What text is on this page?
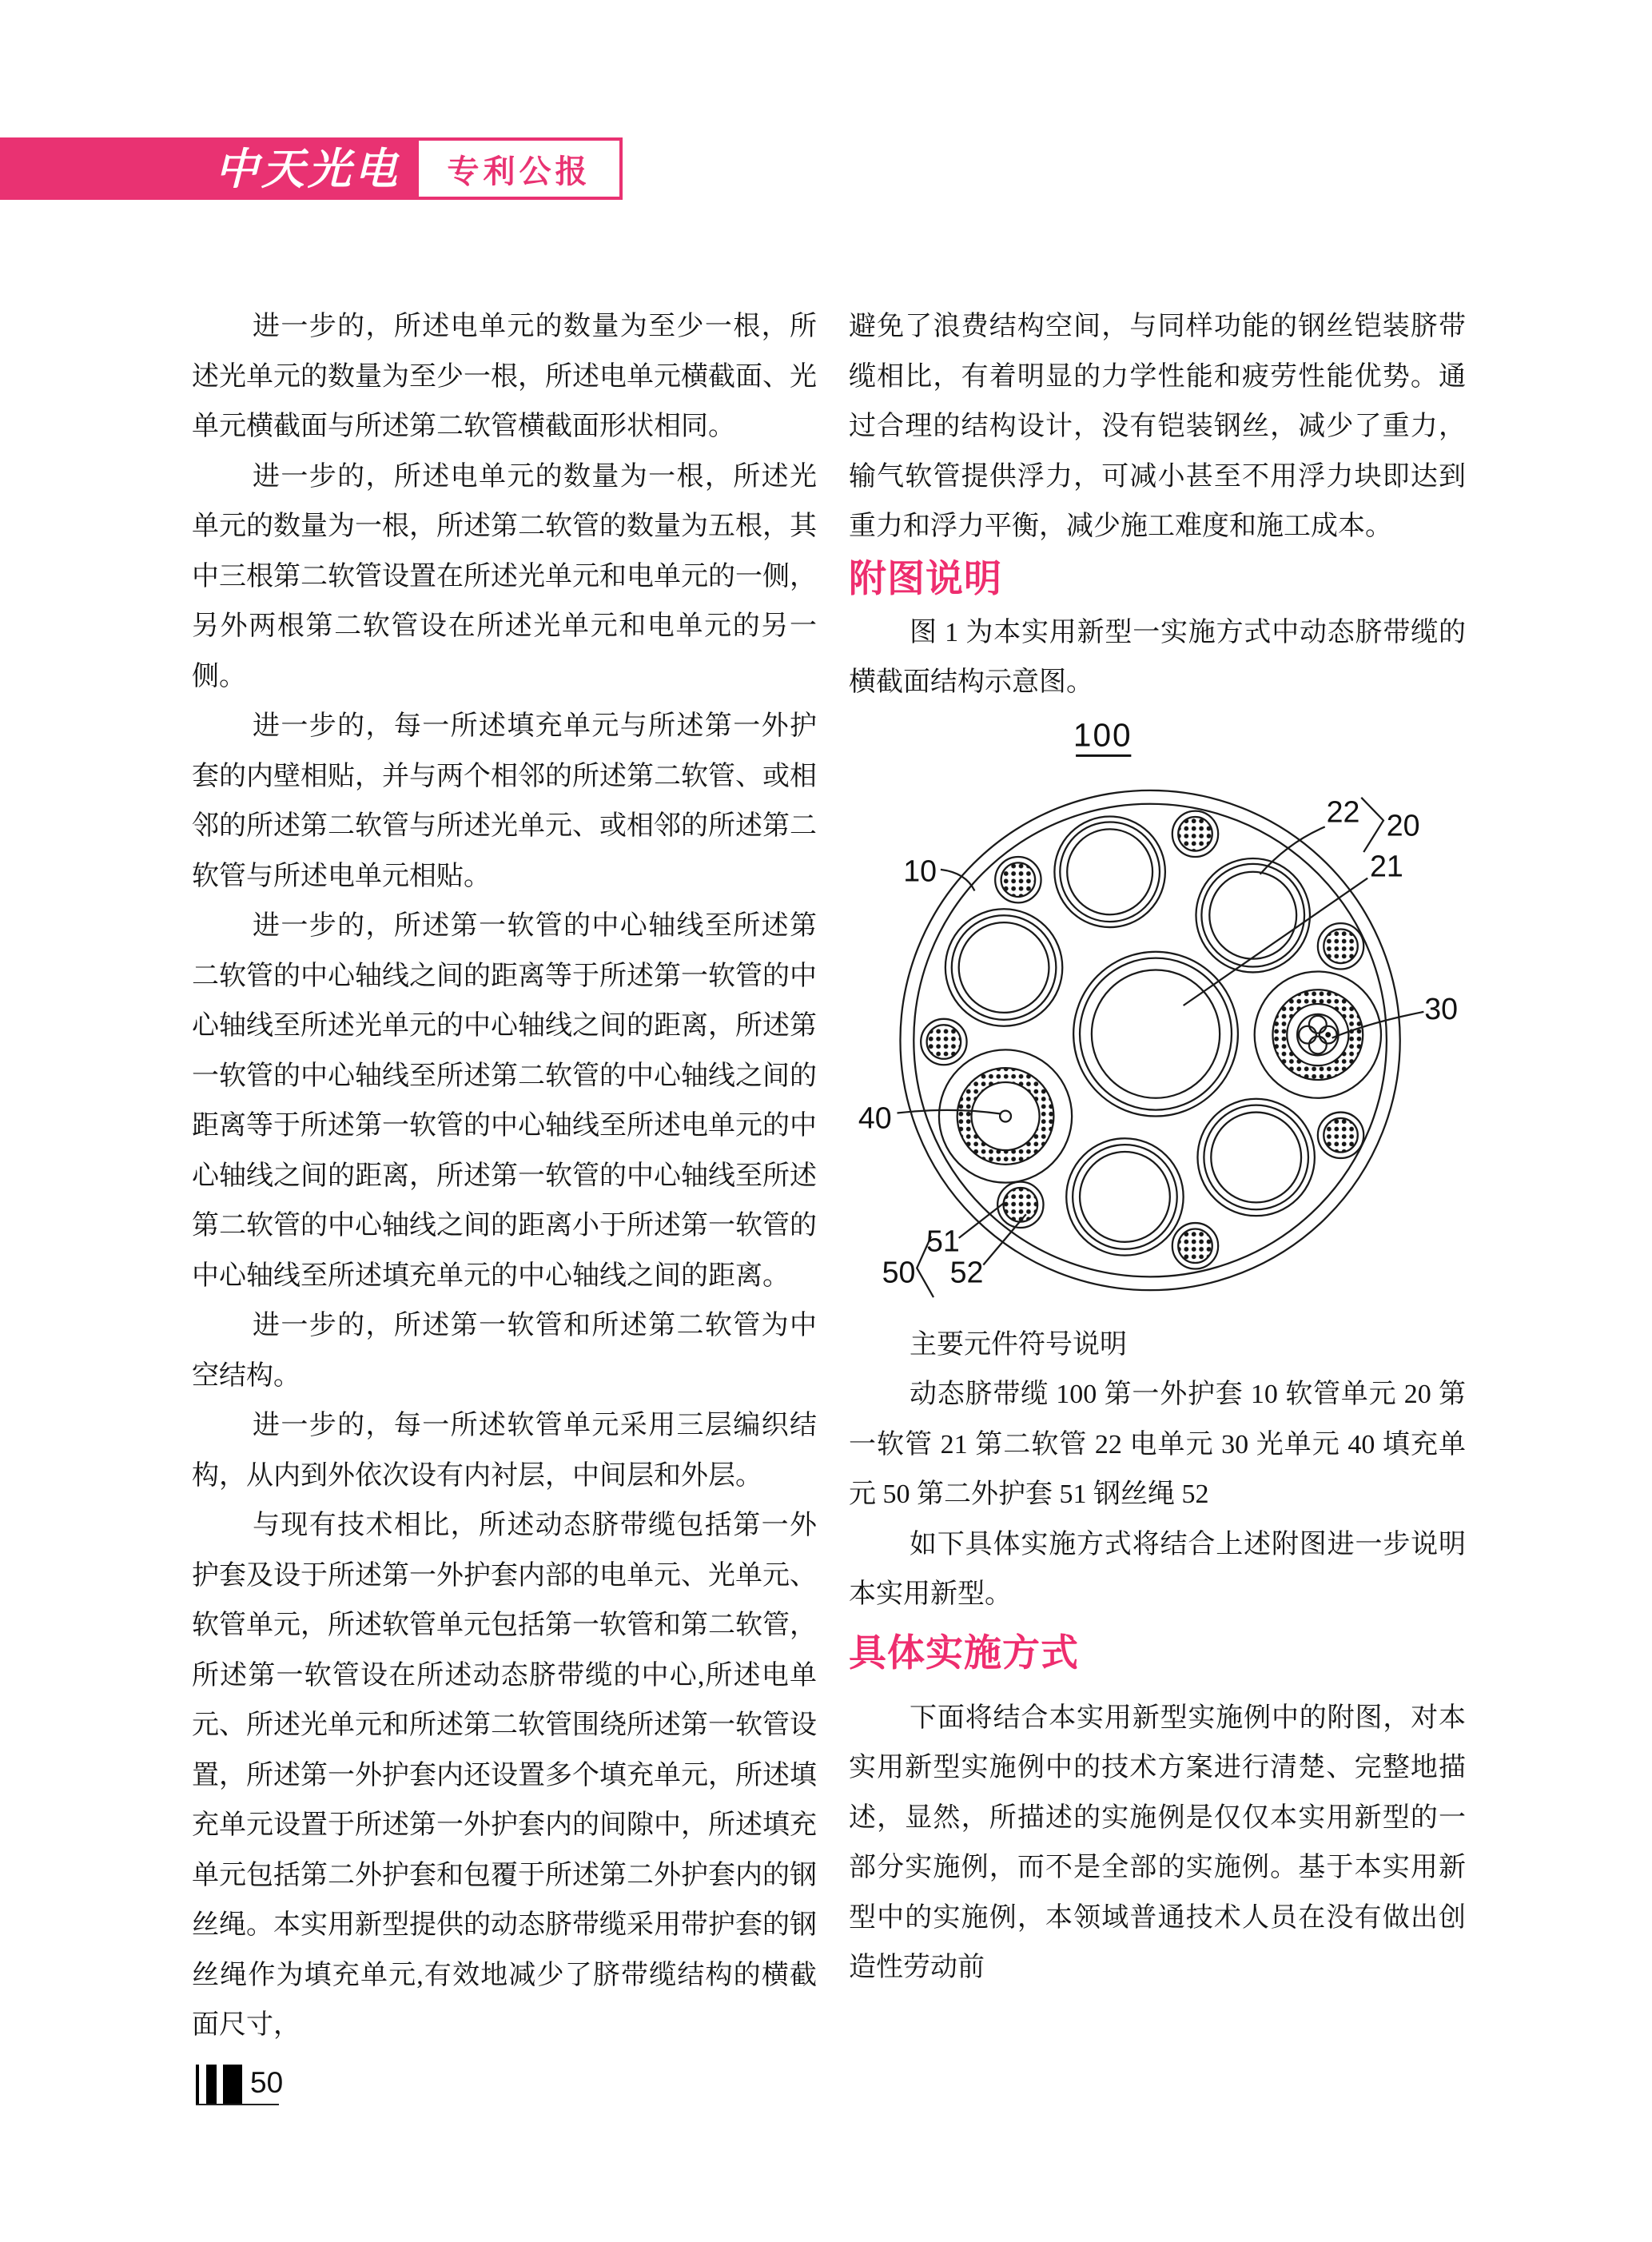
中天光电	专利公报

进一步的，所述电单元的数量为至少一根，所述光单元的数量为至少一根，所述电单元横截面、光单元横截面与所述第二软管横截面形状相同。

进一步的，所述电单元的数量为一根，所述光单元的数量为一根，所述第二软管的数量为五根，其中三根第二软管设置在所述光单元和电单元的一侧，另外两根第二软管设在所述光单元和电单元的另一侧。

进一步的，每一所述填充单元与所述第一外护套的内壁相贴，并与两个相邻的所述第二软管、或相邻的所述第二软管与所述光单元、或相邻的所述第二软管与所述电单元相贴。

进一步的，所述第一软管的中心轴线至所述第二软管的中心轴线之间的距离等于所述第一软管的中心轴线至所述光单元的中心轴线之间的距离，所述第一软管的中心轴线至所述第二软管的中心轴线之间的距离等于所述第一软管的中心轴线至所述电单元的中心轴线之间的距离，所述第一软管的中心轴线至所述第二软管的中心轴线之间的距离小于所述第一软管的中心轴线至所述填充单元的中心轴线之间的距离。

进一步的，所述第一软管和所述第二软管为中空结构。

进一步的，每一所述软管单元采用三层编织结构，从内到外依次设有内衬层，中间层和外层。

与现有技术相比，所述动态脐带缆包括第一外护套及设于所述第一外护套内部的电单元、光单元、软管单元，所述软管单元包括第一软管和第二软管，所述第一软管设在所述动态脐带缆的中心,所述电单元、所述光单元和所述第二软管围绕所述第一软管设置，所述第一外护套内还设置多个填充单元，所述填充单元设置于所述第一外护套内的间隙中，所述填充单元包括第二外护套和包覆于所述第二外护套内的钢丝绳。本实用新型提供的动态脐带缆采用带护套的钢丝绳作为填充单元,有效地减少了脐带缆结构的横截面尺寸，

避免了浪费结构空间，与同样功能的钢丝铠装脐带缆相比，有着明显的力学性能和疲劳性能优势。通过合理的结构设计，没有铠装钢丝，减少了重力，输气软管提供浮力，可减小甚至不用浮力块即达到重力和浮力平衡，减少施工难度和施工成本。

附图说明

图 1 为本实用新型一实施方式中动态脐带缆的横截面结构示意图。

100
10
22 20
21
30
40
51
50 52

主要元件符号说明

动态脐带缆 100 第一外护套 10 软管单元 20 第一软管 21 第二软管 22 电单元 30 光单元 40 填充单元 50 第二外护套 51 钢丝绳 52

如下具体实施方式将结合上述附图进一步说明本实用新型。

具体实施方式

下面将结合本实用新型实施例中的附图，对本实用新型实施例中的技术方案进行清楚、完整地描述，显然，所描述的实施例是仅仅本实用新型的一部分实施例，而不是全部的实施例。基于本实用新型中的实施例，本领域普通技术人员在没有做出创造性劳动前

50
